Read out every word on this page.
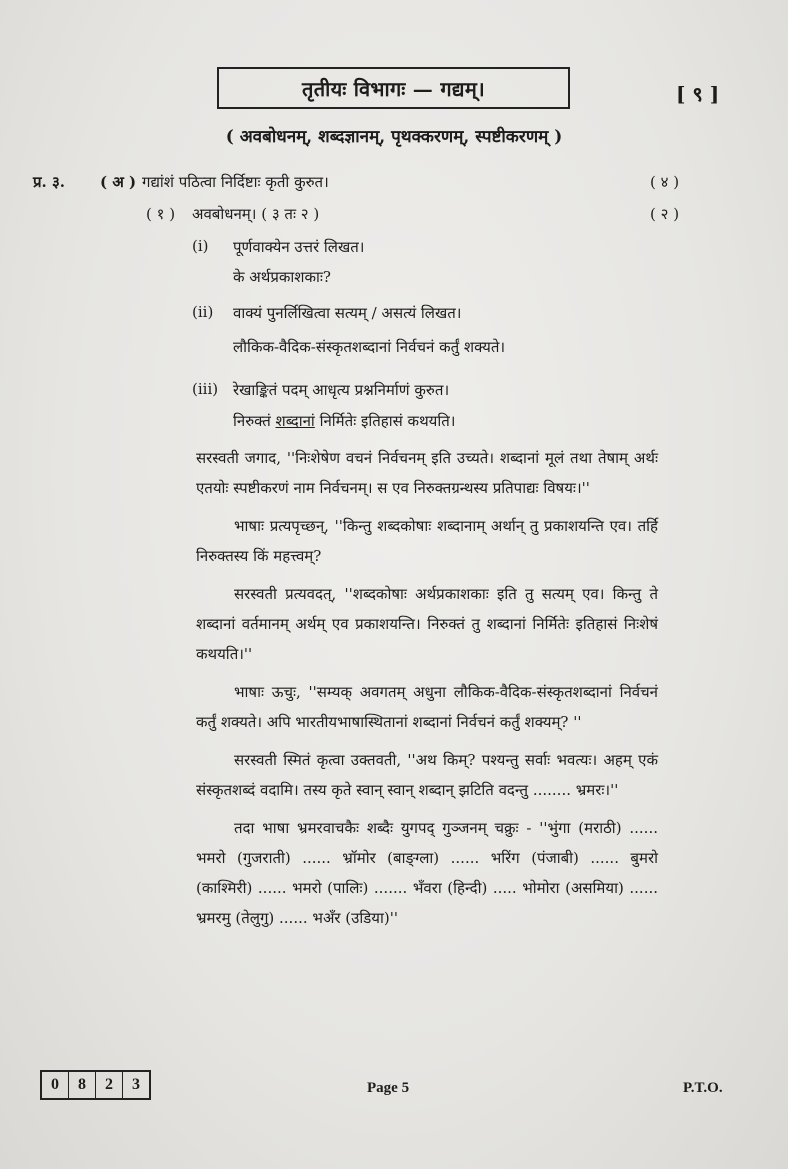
तृतीयः विभागः — गद्यम्।	[ ९ ]
( अवबोधनम्, शब्दज्ञानम्, पृथक्करणम्, स्पष्टीकरणम् )
प्र. ३. ( अ ) गद्यांशं पठित्वा निर्दिष्टाः कृती कुरुत।	( ४ )
( १ ) अवबोधनम्। ( ३ तः २ )	( २ )
(i) पूर्णवाक्येन उत्तरं लिखत।
के अर्थप्रकाशकाः?
(ii) वाक्यं पुनर्लिखित्वा सत्यम् / असत्यं लिखत।
लौकिक-वैदिक-संस्कृतशब्दानां निर्वचनं कर्तुं शक्यते।
(iii) रेखाङ्कितं पदम् आधृत्य प्रश्ननिर्माणं कुरुत।
निरुक्तं शब्दानां निर्मितेः इतिहासं कथयति।

सरस्वती जगाद, ''निःशेषेण वचनं निर्वचनम् इति उच्यते। शब्दानां मूलं तथा तेषाम् अर्थः एतयोः स्पष्टीकरणं नाम निर्वचनम्। स एव निरुक्तग्रन्थस्य प्रतिपाद्यः विषयः।''

भाषाः प्रत्यपृच्छन्, ''किन्तु शब्दकोषाः शब्दानाम् अर्थान् तु प्रकाशयन्ति एव। तर्हि निरुक्तस्य किं महत्त्वम्?

सरस्वती प्रत्यवदत्, ''शब्दकोषाः अर्थप्रकाशकाः इति तु सत्यम् एव। किन्तु ते शब्दानां वर्तमानम् अर्थम् एव प्रकाशयन्ति। निरुक्तं तु शब्दानां निर्मितेः इतिहासं निःशेषं कथयति।''

भाषाः ऊचुः, ''सम्यक् अवगतम् अधुना लौकिक-वैदिक-संस्कृतशब्दानां निर्वचनं कर्तुं शक्यते। अपि भारतीयभाषास्थितानां शब्दानां निर्वचनं कर्तुं शक्यम्? ''

सरस्वती स्मितं कृत्वा उक्तवती, ''अथ किम्? पश्यन्तु सर्वाः भवत्यः। अहम् एकं संस्कृतशब्दं वदामि। तस्य कृते स्वान् स्वान् शब्दान् झटिति वदन्तु ........ भ्रमरः।''

तदा भाषा भ्रमरवाचकैः शब्दैः युगपद् गुञ्जनम् चक्रुः - ''भुंगा (मराठी) ...... भमरो (गुजराती) ...... भ्रॉमोर (बाङ्ग्ला) ...... भरिंग (पंजाबी) ...... बुमरो (काश्मिरी) ...... भमरो (पालिः) ....... भँवरा (हिन्दी) ..... भोमोरा (असमिया) ...... भ्रमरमु (तेलुगु) ...... भअँर (उडिया)''

0	8	2	3	Page 5	P.T.O.
